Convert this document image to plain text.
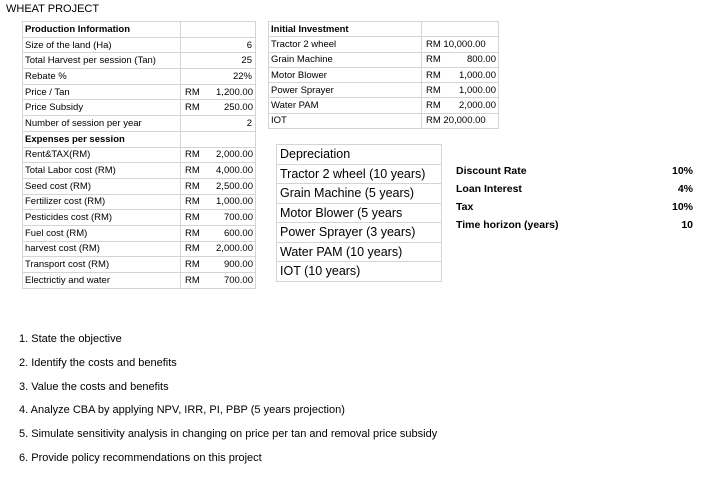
WHEAT PROJECT
Production Information	
Size of the land (Ha)	6
Total Harvest per session (Tan)	25
Rebate %	22%
Price / Tan	RM 1,200.00

Price Subsidy	RM 250.00

Number of session per year	2
Expenses per session	
Rent&TAX(RM)	RM 2,000.00

Total Labor cost (RM)	RM 4,000.00

Seed cost (RM)	RM 2,500.00

Fertilizer cost (RM)	RM 1,000.00

Pesticides cost (RM)	RM 700.00

Fuel cost (RM)	RM 600.00

harvest cost (RM)	RM 2,000.00

Transport cost (RM)	RM 900.00

Electrictiy and water	RM 700.00
Initial Investment	
Tractor 2 wheel	RM 10,000.00
Grain Machine	RM 800.00

Motor Blower	RM 1,000.00

Power Sprayer	RM 1,000.00

Water PAM	RM 2,000.00

IOT	RM 20,000.00
Depreciation
Tractor 2 wheel (10 years)
Grain Machine (5 years)
Motor Blower (5 years
Power Sprayer (3 years)
Water PAM (10 years)
IOT (10 years)
Discount Rate	10%
Loan Interest	4%
Tax	10%
Time horizon (years)	10
1. State the objective
2. Identify the costs and benefits
3. Value the costs and benefits
4. Analyze CBA by applying NPV, IRR, PI, PBP (5 years projection)
5. Simulate sensitivity analysis in changing on price per tan and removal price subsidy
6. Provide policy recommendations on this project
